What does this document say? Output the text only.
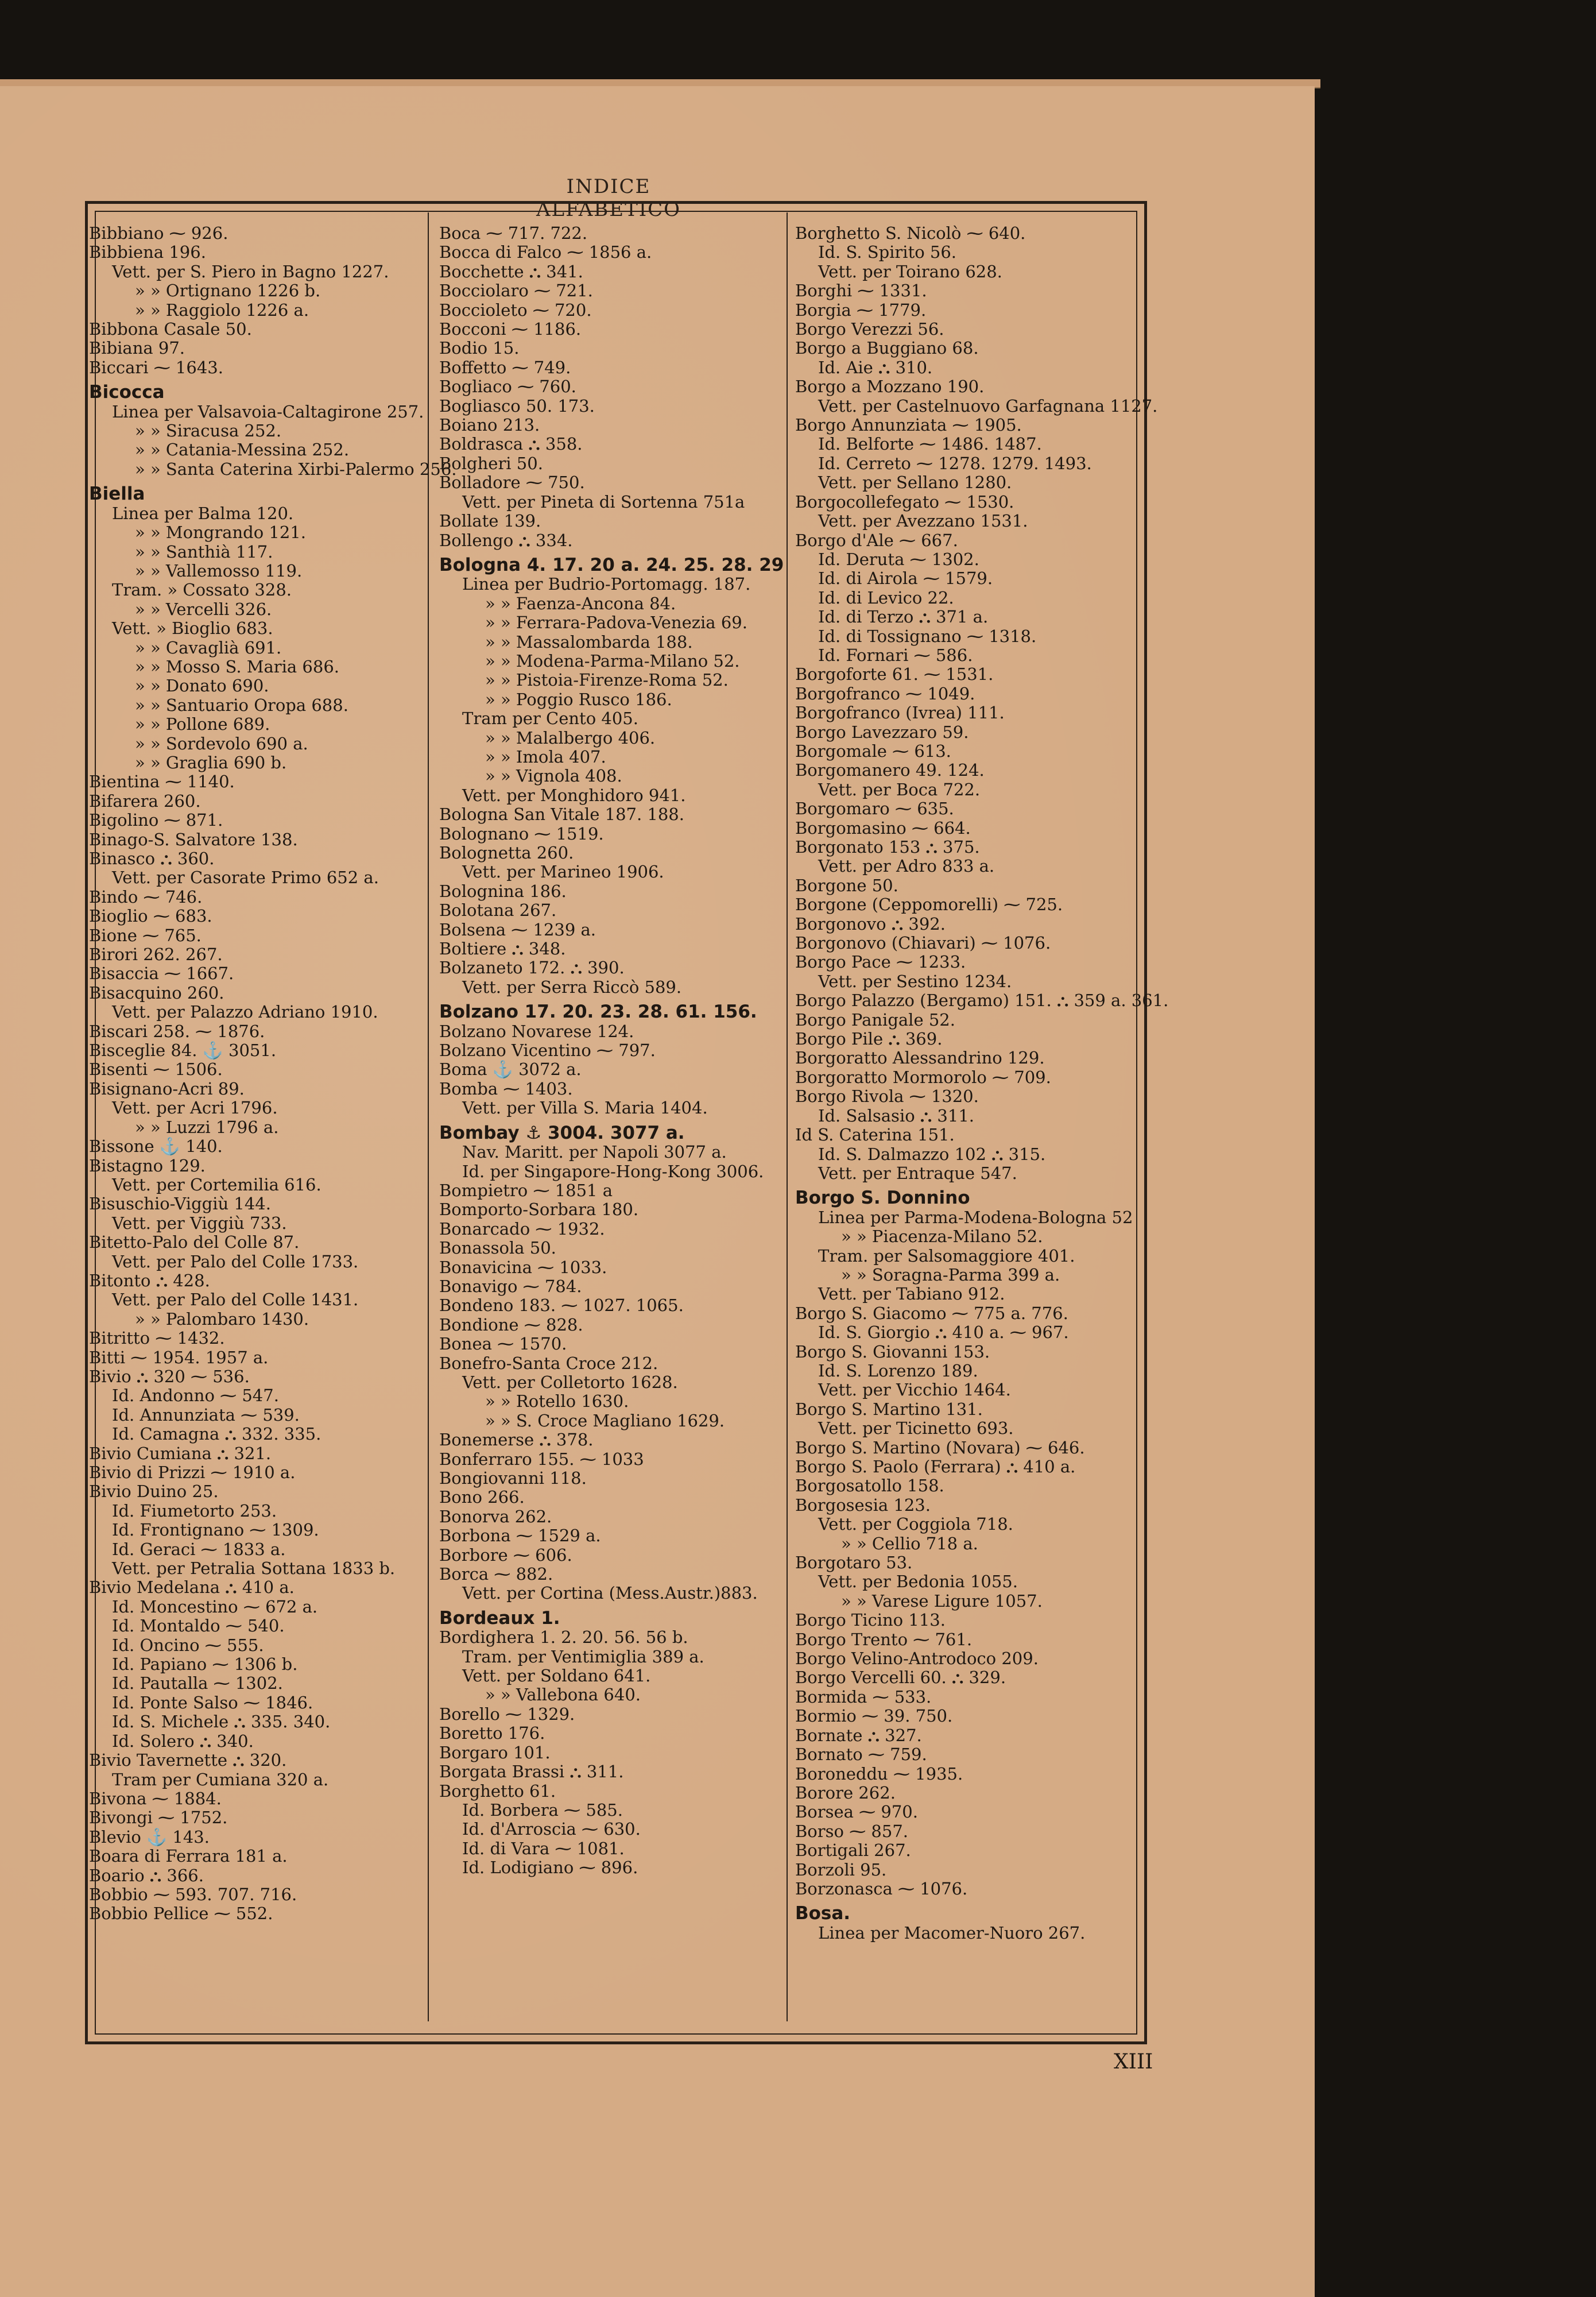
INDICE ALFABETICO
Bibbiano ⁓ 926.
Bibbiena 196.
Vett. per S. Piero in Bagno 1227.
» » Ortignano 1226 b.
» » Raggiolo 1226 a.
Bibbona Casale 50.
Bibiana 97.
Biccari ⁓ 1643.
Bicocca
Linea per Valsavoia-Caltagirone 257.
» » Siracusa 252.
» » Catania-Messina 252.
» » Santa Caterina Xirbi-Palermo 256.
Biella
Linea per Balma 120.
» » Mongrando 121.
» » Santhià 117.
» » Vallemosso 119.
Tram. » Cossato 328.
» » Vercelli 326.
Vett. » Bioglio 683.
» » Cavaglià 691.
» » Mosso S. Maria 686.
» » Donato 690.
» » Santuario Oropa 688.
» » Pollone 689.
» » Sordevolo 690 a.
» » Graglia 690 b.
Bientina ⁓ 1140.
Bifarera 260.
Bigolino ⁓ 871.
Binago-S. Salvatore 138.
Binasco ⛬ 360.
Vett. per Casorate Primo 652 a.
Bindo ⁓ 746.
Bioglio ⁓ 683.
Bione ⁓ 765.
Birori 262. 267.
Bisaccia ⁓ 1667.
Bisacquino 260.
Vett. per Palazzo Adriano 1910.
Biscari 258. ⁓ 1876.
Bisceglie 84. ⚓ 3051.
Bisenti ⁓ 1506.
Bisignano-Acri 89.
Vett. per Acri 1796.
» » Luzzi 1796 a.
Bissone ⚓ 140.
Bistagno 129.
Vett. per Cortemilia 616.
Bisuschio-Viggiù 144.
Vett. per Viggiù 733.
Bitetto-Palo del Colle 87.
Vett. per Palo del Colle 1733.
Bitonto ⛬ 428.
Vett. per Palo del Colle 1431.
» » Palombaro 1430.
Bitritto ⁓ 1432.
Bitti ⁓ 1954. 1957 a.
Bivio ⛬ 320 ⁓ 536.
Id. Andonno ⁓ 547.
Id. Annunziata ⁓ 539.
Id. Camagna ⛬ 332. 335.
Bivio Cumiana ⛬ 321.
Bivio di Prizzi ⁓ 1910 a.
Bivio Duino 25.
Id. Fiumetorto 253.
Id. Frontignano ⁓ 1309.
Id. Geraci ⁓ 1833 a.
Vett. per Petralia Sottana 1833 b.
Bivio Medelana ⛬ 410 a.
Id. Moncestino ⁓ 672 a.
Id. Montaldo ⁓ 540.
Id. Oncino ⁓ 555.
Id. Papiano ⁓ 1306 b.
Id. Pautalla ⁓ 1302.
Id. Ponte Salso ⁓ 1846.
Id. S. Michele ⛬ 335. 340.
Id. Solero ⛬ 340.
Bivio Tavernette ⛬ 320.
Tram per Cumiana 320 a.
Bivona ⁓ 1884.
Bivongi ⁓ 1752.
Blevio ⚓ 143.
Boara di Ferrara 181 a.
Boario ⛬ 366.
Bobbio ⁓ 593. 707. 716.
Bobbio Pellice ⁓ 552.
Boca ⁓ 717. 722.
Bocca di Falco ⁓ 1856 a.
Bocchette ⛬ 341.
Bocciolaro ⁓ 721.
Boccioleto ⁓ 720.
Bocconi ⁓ 1186.
Bodio 15.
Boffetto ⁓ 749.
Bogliaco ⁓ 760.
Bogliasco 50. 173.
Boiano 213.
Boldrasca ⛬ 358.
Bolgheri 50.
Bolladore ⁓ 750.
Vett. per Pineta di Sortenna 751a
Bollate 139.
Bollengo ⛬ 334.
Bologna 4. 17. 20 a. 24. 25. 28. 29
Linea per Budrio-Portomagg. 187.
» » Faenza-Ancona 84.
» » Ferrara-Padova-Venezia 69.
» » Massalombarda 188.
» » Modena-Parma-Milano 52.
» » Pistoia-Firenze-Roma 52.
» » Poggio Rusco 186.
Tram per Cento 405.
» » Malalbergo 406.
» » Imola 407.
» » Vignola 408.
Vett. per Monghidoro 941.
Bologna San Vitale 187. 188.
Bolognano ⁓ 1519.
Bolognetta 260.
Vett. per Marineo 1906.
Bolognina 186.
Bolotana 267.
Bolsena ⁓ 1239 a.
Boltiere ⛬ 348.
Bolzaneto 172. ⛬ 390.
Vett. per Serra Riccò 589.
Bolzano 17. 20. 23. 28. 61. 156.
Bolzano Novarese 124.
Bolzano Vicentino ⁓ 797.
Boma ⚓ 3072 a.
Bomba ⁓ 1403.
Vett. per Villa S. Maria 1404.
Bombay ⚓ 3004. 3077 a.
Nav. Maritt. per Napoli 3077 a.
Id. per Singapore-Hong-Kong 3006.
Bompietro ⁓ 1851 a
Bomporto-Sorbara 180.
Bonarcado ⁓ 1932.
Bonassola 50.
Bonavicina ⁓ 1033.
Bonavigo ⁓ 784.
Bondeno 183. ⁓ 1027. 1065.
Bondione ⁓ 828.
Bonea ⁓ 1570.
Bonefro-Santa Croce 212.
Vett. per Colletorto 1628.
» » Rotello 1630.
» » S. Croce Magliano 1629.
Bonemerse ⛬ 378.
Bonferraro 155. ⁓ 1033
Bongiovanni 118.
Bono 266.
Bonorva 262.
Borbona ⁓ 1529 a.
Borbore ⁓ 606.
Borca ⁓ 882.
Vett. per Cortina (Mess.Austr.)883.
Bordeaux 1.
Bordighera 1. 2. 20. 56. 56 b.
Tram. per Ventimiglia 389 a.
Vett. per Soldano 641.
» » Vallebona 640.
Borello ⁓ 1329.
Boretto 176.
Borgaro 101.
Borgata Brassi ⛬ 311.
Borghetto 61.
Id. Borbera ⁓ 585.
Id. d'Arroscia ⁓ 630.
Id. di Vara ⁓ 1081.
Id. Lodigiano ⁓ 896.
Borghetto S. Nicolò ⁓ 640.
Id. S. Spirito 56.
Vett. per Toirano 628.
Borghi ⁓ 1331.
Borgia ⁓ 1779.
Borgo Verezzi 56.
Borgo a Buggiano 68.
Id. Aie ⛬ 310.
Borgo a Mozzano 190.
Vett. per Castelnuovo Garfagnana 1127.
Borgo Annunziata ⁓ 1905.
Id. Belforte ⁓ 1486. 1487.
Id. Cerreto ⁓ 1278. 1279. 1493.
Vett. per Sellano 1280.
Borgocollefegato ⁓ 1530.
Vett. per Avezzano 1531.
Borgo d'Ale ⁓ 667.
Id. Deruta ⁓ 1302.
Id. di Airola ⁓ 1579.
Id. di Levico 22.
Id. di Terzo ⛬ 371 a.
Id. di Tossignano ⁓ 1318.
Id. Fornari ⁓ 586.
Borgoforte 61. ⁓ 1531.
Borgofranco ⁓ 1049.
Borgofranco (Ivrea) 111.
Borgo Lavezzaro 59.
Borgomale ⁓ 613.
Borgomanero 49. 124.
Vett. per Boca 722.
Borgomaro ⁓ 635.
Borgomasino ⁓ 664.
Borgonato 153 ⛬ 375.
Vett. per Adro 833 a.
Borgone 50.
Borgone (Ceppomorelli) ⁓ 725.
Borgonovo ⛬ 392.
Borgonovo (Chiavari) ⁓ 1076.
Borgo Pace ⁓ 1233.
Vett. per Sestino 1234.
Borgo Palazzo (Bergamo) 151. ⛬ 359 a. 361.
Borgo Panigale 52.
Borgo Pile ⛬ 369.
Borgoratto Alessandrino 129.
Borgoratto Mormorolo ⁓ 709.
Borgo Rivola ⁓ 1320.
Id. Salsasio ⛬ 311.
Id S. Caterina 151.
Id. S. Dalmazzo 102 ⛬ 315.
Vett. per Entraque 547.
Borgo S. Donnino
Linea per Parma-Modena-Bologna 52
» » Piacenza-Milano 52.
Tram. per Salsomaggiore 401.
» » Soragna-Parma 399 a.
Vett. per Tabiano 912.
Borgo S. Giacomo ⁓ 775 a. 776.
Id. S. Giorgio ⛬ 410 a. ⁓ 967.
Borgo S. Giovanni 153.
Id. S. Lorenzo 189.
Vett. per Vicchio 1464.
Borgo S. Martino 131.
Vett. per Ticinetto 693.
Borgo S. Martino (Novara) ⁓ 646.
Borgo S. Paolo (Ferrara) ⛬ 410 a.
Borgosatollo 158.
Borgosesia 123.
Vett. per Coggiola 718.
» » Cellio 718 a.
Borgotaro 53.
Vett. per Bedonia 1055.
» » Varese Ligure 1057.
Borgo Ticino 113.
Borgo Trento ⁓ 761.
Borgo Velino-Antrodoco 209.
Borgo Vercelli 60. ⛬ 329.
Bormida ⁓ 533.
Bormio ⁓ 39. 750.
Bornate ⛬ 327.
Bornato ⁓ 759.
Boroneddu ⁓ 1935.
Borore 262.
Borsea ⁓ 970.
Borso ⁓ 857.
Bortigali 267.
Borzoli 95.
Borzonasca ⁓ 1076.
Bosa.
Linea per Macomer-Nuoro 267.
XIII
